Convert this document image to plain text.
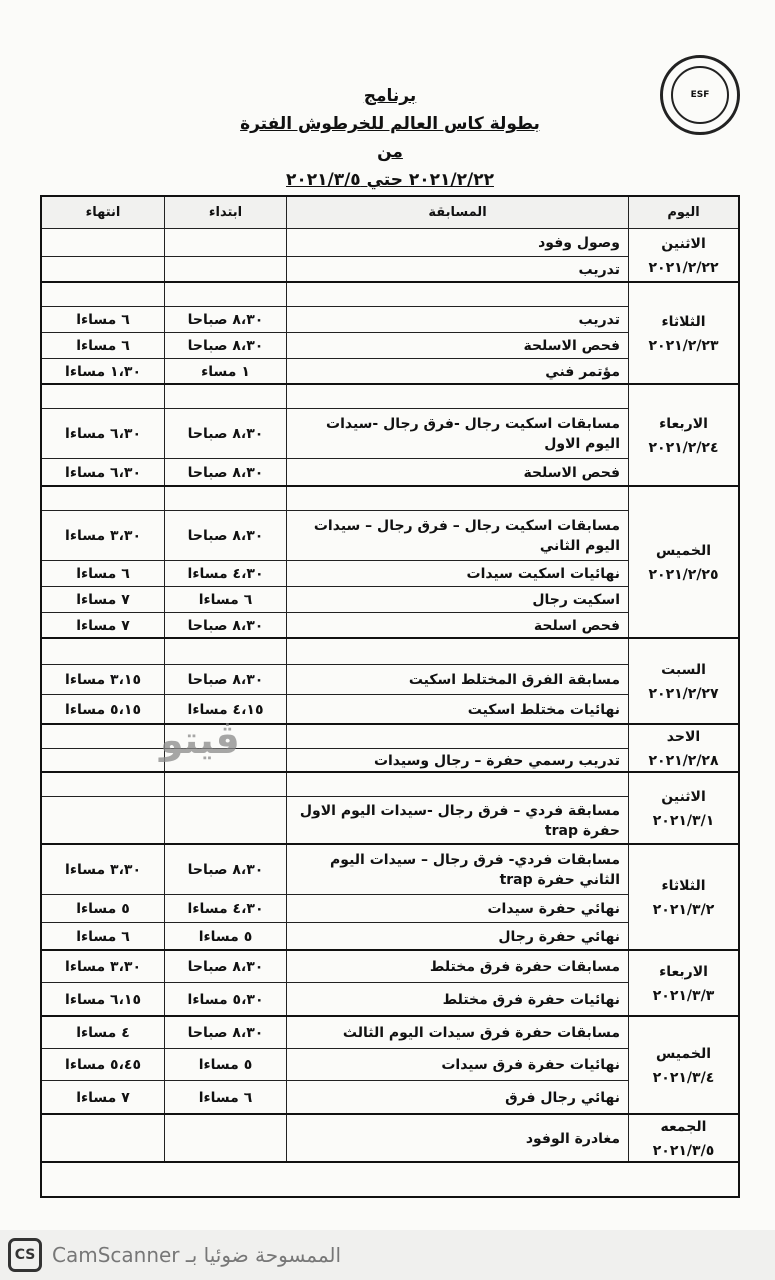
ESF
برنامج
بطولة كاس العالم للخرطوش الفترة من
٢٠٢١/٢/٢٢ حتي ٢٠٢١/٣/٥
اليوم
المسابقة
ابتداء
انتهاء
وصول وفود
تدريب
تدريب
٨،٣٠ صباحا
٦ مساءا
فحص الاسلحة
٨،٣٠ صباحا
٦ مساءا
مؤتمر فني
١ مساء
١،٣٠ مساءا
مسابقات اسكيت رجال -فرق رجال -سيدات اليوم الاول
٨،٣٠ صباحا
٦،٣٠ مساءا
فحص الاسلحة
٨،٣٠ صباحا
٦،٣٠ مساءا
مسابقات اسكيت رجال – فرق رجال – سيدات اليوم الثاني
٨،٣٠ صباحا
٣،٣٠ مساءا
نهائيات اسكيت سيدات
٤،٣٠ مساءا
٦ مساءا
اسكيت رجال
٦ مساءا
٧ مساءا
فحص اسلحة
٨،٣٠ صباحا
٧ مساءا
مسابقة الفرق المختلط اسكيت
٨،٣٠ صباحا
٣،١٥ مساءا
نهائيات مختلط اسكيت
٤،١٥ مساءا
٥،١٥ مساءا
تدريب رسمي حفرة – رجال وسيدات
مسابقة فردي – فرق رجال -سيدات اليوم الاول حفرة trap
مسابقات فردي- فرق رجال – سيدات اليوم الثاني حفرة trap
٨،٣٠ صباحا
٣،٣٠ مساءا
نهائي حفرة سيدات
٤،٣٠ مساءا
٥ مساءا
نهائي حفرة رجال
٥ مساءا
٦ مساءا
مسابقات حفرة فرق مختلط
٨،٣٠ صباحا
٣،٣٠ مساءا
نهائيات حفرة فرق مختلط
٥،٣٠ مساءا
٦،١٥ مساءا
مسابقات حفرة فرق سيدات اليوم الثالث
٨،٣٠ صباحا
٤ مساءا
نهائيات حفرة فرق سيدات
٥ مساءا
٥،٤٥ مساءا
نهائي رجال فرق
٦ مساءا
٧ مساءا
مغادرة الوفود
الاثنين
٢٠٢١/٢/٢٢
الثلاثاء
٢٠٢١/٢/٢٣
الاربعاء
٢٠٢١/٢/٢٤
الخميس
٢٠٢١/٢/٢٥
السبت
٢٠٢١/٢/٢٧
الاحد
٢٠٢١/٢/٢٨
الاثنين
٢٠٢١/٣/١
الثلاثاء
٢٠٢١/٣/٢
الاربعاء
٢٠٢١/٣/٣
الخميس
٢٠٢١/٣/٤
الجمعه
٢٠٢١/٣/٥
ڤيتو
CS الممسوحة ضوئيا بـ CamScanner
